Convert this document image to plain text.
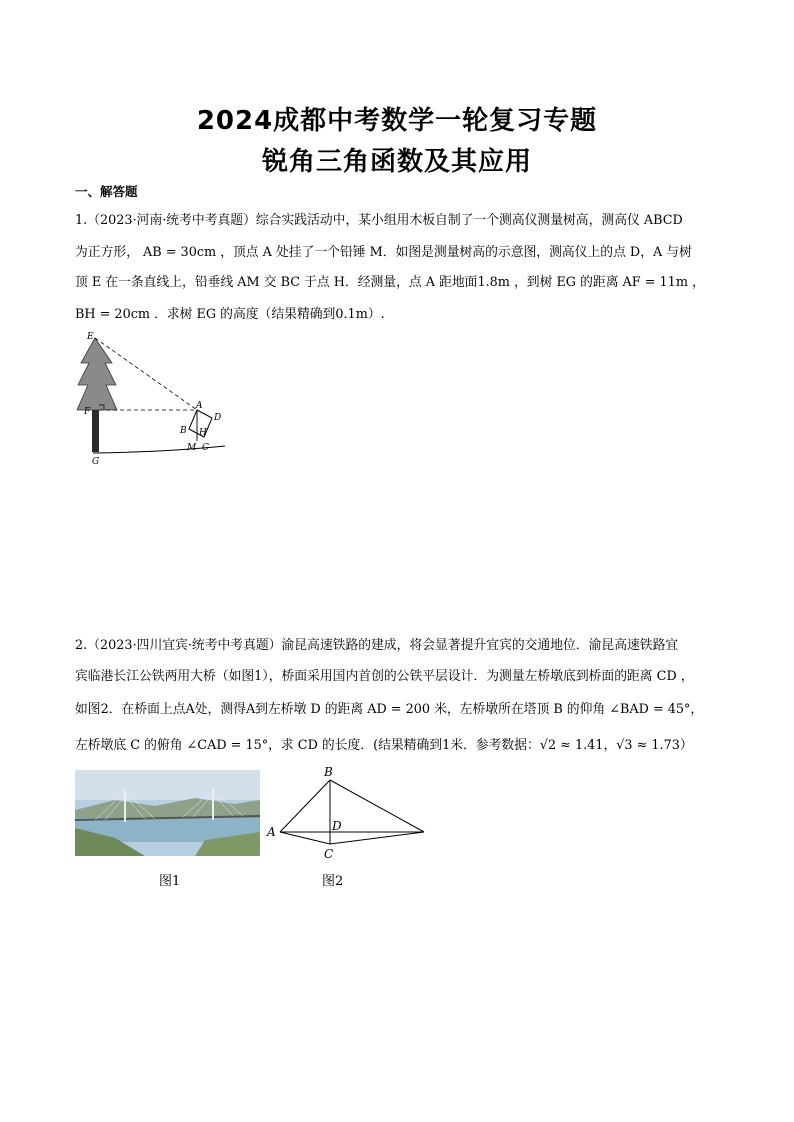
2024成都中考数学一轮复习专题
锐角三角函数及其应用
一、解答题
1.（2023·河南·统考中考真题）综合实践活动中，某小组用木板自制了一个测高仪测量树高，测高仪 ABCD
为正方形， AB = 30cm ，顶点 A 处挂了一个铅锤 M．如图是测量树高的示意图，测高仪上的点 D，A 与树
顶 E 在一条直线上，铅垂线 AM 交 BC 于点 H．经测量，点 A 距地面1.8m ，到树 EG 的距离 AF = 11m ，
BH = 20cm ．求树 EG 的高度（结果精确到0.1m）.
E
F
G
A
D
B H
M C
2.（2023·四川宜宾·统考中考真题）渝昆高速铁路的建成，将会显著提升宜宾的交通地位．渝昆高速铁路宜
宾临港长江公铁两用大桥（如图1），桥面采用国内首创的公铁平层设计．为测量左桥墩底到桥面的距离 CD ，
如图2．在桥面上点A处，测得A到左桥墩 D 的距离 AD = 200 米，左桥墩所在塔顶 B 的仰角 ∠BAD = 45°，
左桥墩底 C 的俯角 ∠CAD = 15°，求 CD 的长度．(结果精确到1米．参考数据：√2 ≈ 1.41，√3 ≈ 1.73）
图1
B
A	D
C
图2
